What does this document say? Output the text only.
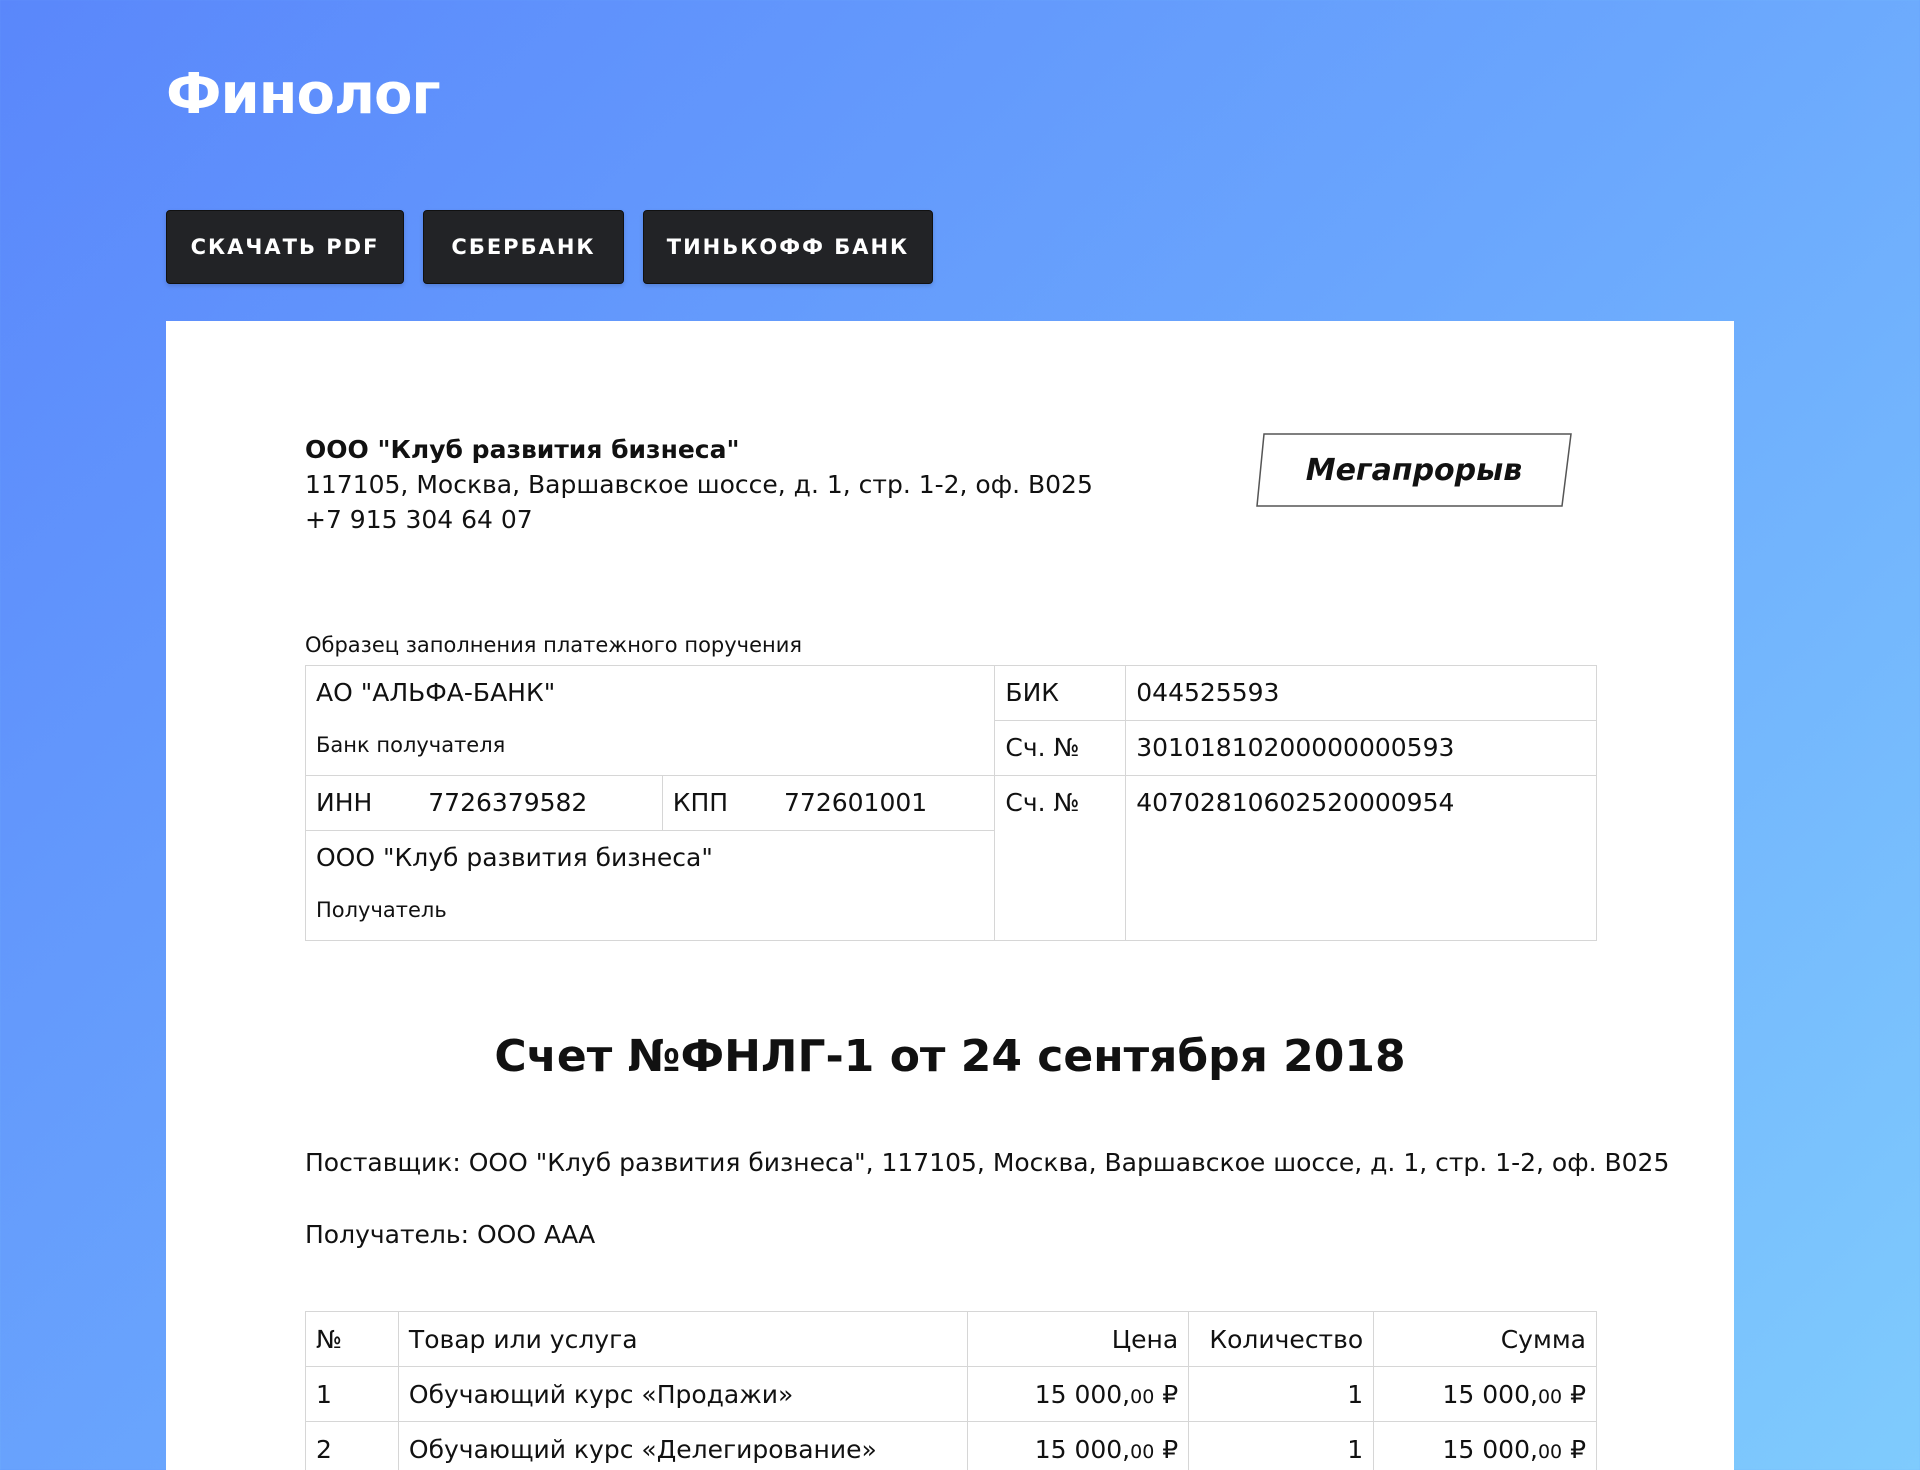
Финолог
СКАЧАТЬ PDF	СБЕРБАНК	ТИНЬКОФФ БАНК
ООО "Клуб развития бизнеса"
117105, Москва, Варшавское шоссе, д. 1, стр. 1-2, оф. B025
+7 915 304 64 07
Мегапрорыв
Образец заполнения платежного поручения
АО "АЛЬФА-БАНК"
Банк получателя		БИК	044525593
		Сч. №	30101810200000000593
ИНН 7726379582	КПП 772601001	Сч. №	40702810602520000954

ООО "Клуб развития бизнеса"
Получатель			
Счет №ФНЛГ-1 от 24 сентября 2018
Поставщик: ООО "Клуб развития бизнеса", 117105, Москва, Варшавское шоссе, д. 1, стр. 1-2, оф. B025
Получатель: ООО ААА
№	Товар или услуга	Цена	Количество	Сумма
1	Обучающий курс «Продажи»	15 000,00 ₽	1	15 000,00 ₽
2	Обучающий курс «Делегирование»	15 000,00 ₽	1	15 000,00 ₽
